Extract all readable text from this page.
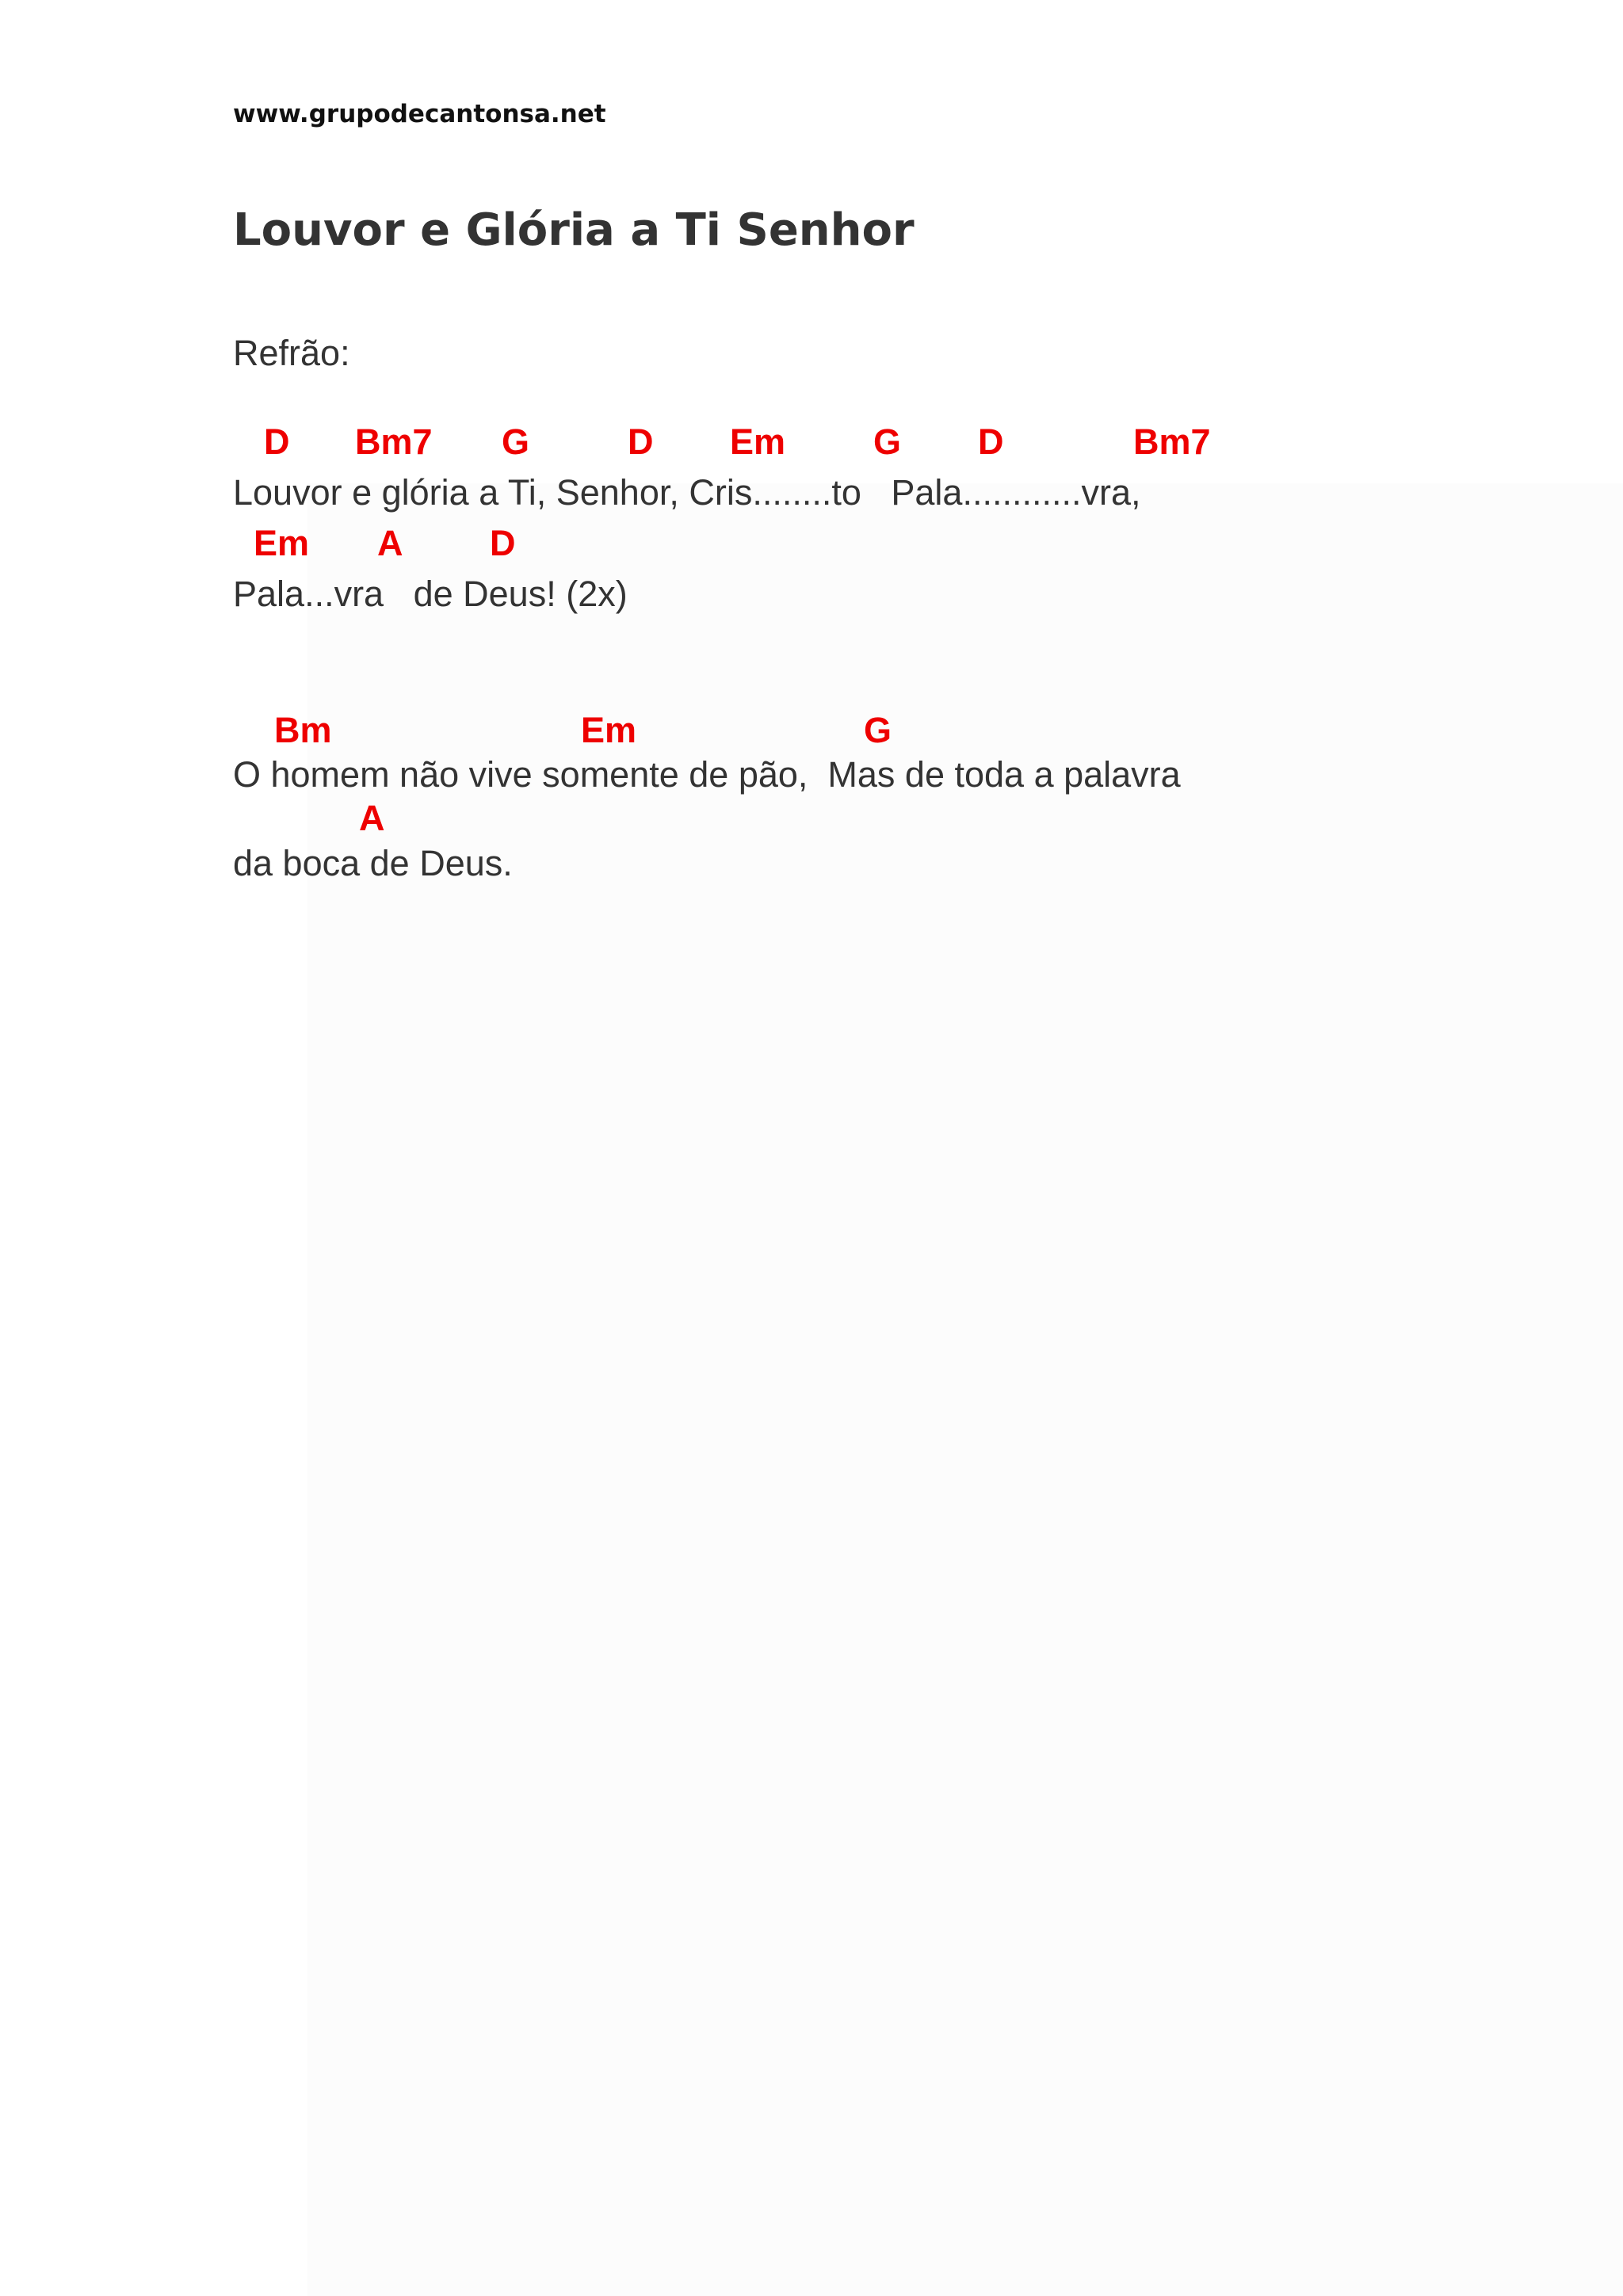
www.grupodecantonsa.net
Louvor e Glória a Ti Senhor
Refrão:
D Bm7 G	D Em G D	Bm7
Louvor e glória a Ti, Senhor, Cris........to   Pala............vra,
Em A D
Pala...vra   de Deus! (2x)
Bm	Em	G
O homem não vive somente de pão,  Mas de toda a palavra
A
da boca de Deus.
